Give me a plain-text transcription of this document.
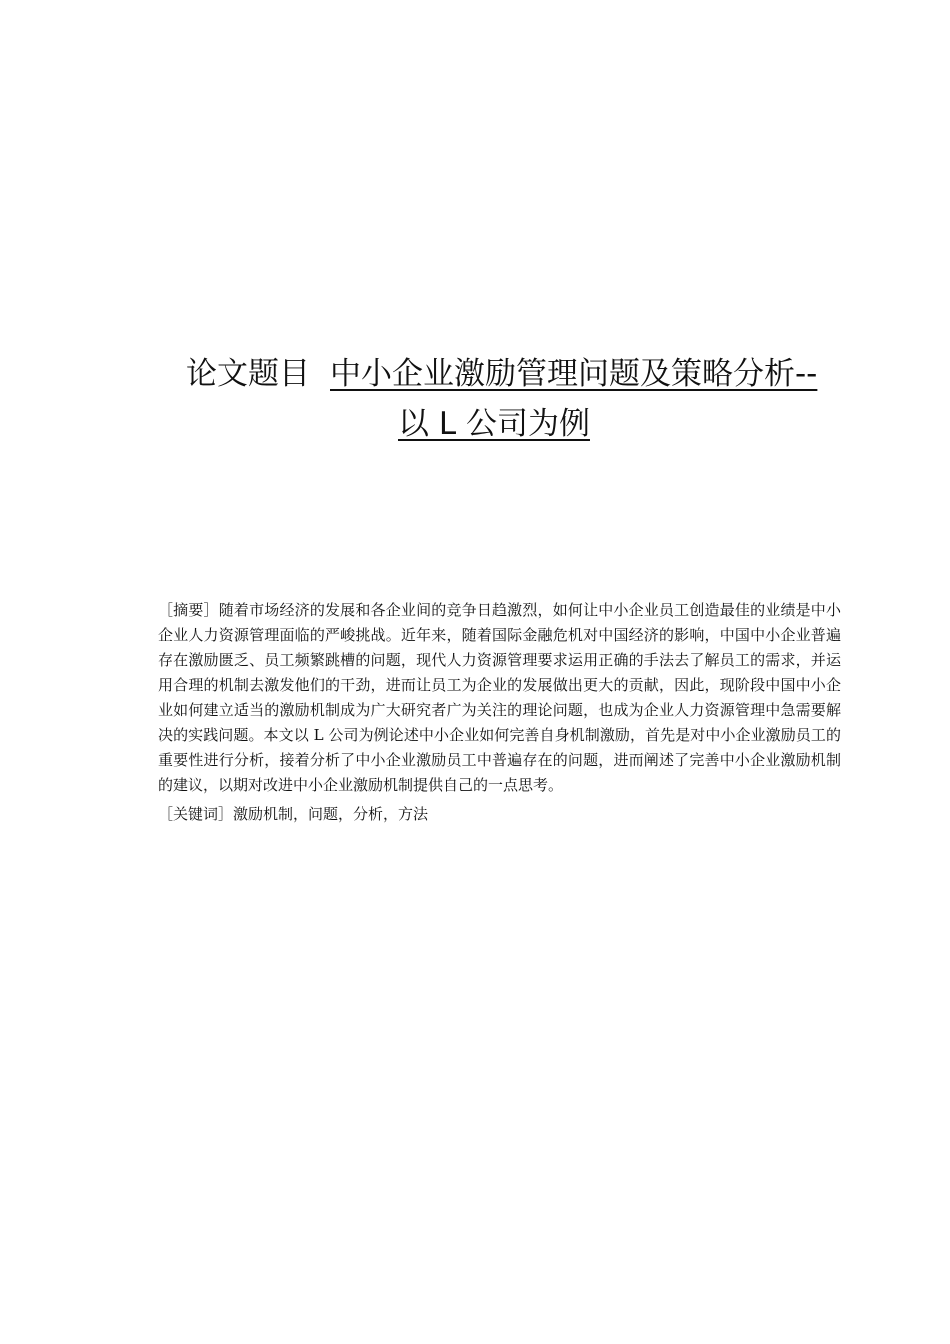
论文题目 中小企业激励管理问题及策略分析--
以 L 公司为例

［摘要］随着市场经济的发展和各企业间的竞争日趋激烈，如何让中小企业员工创造最佳的业绩是中小企业人力资源管理面临的严峻挑战。近年来，随着国际金融危机对中国经济的影响，中国中小企业普遍存在激励匮乏、员工频繁跳槽的问题，现代人力资源管理要求运用正确的手法去了解员工的需求，并运用合理的机制去激发他们的干劲，进而让员工为企业的发展做出更大的贡献，因此，现阶段中国中小企业如何建立适当的激励机制成为广大研究者广为关注的理论问题，也成为企业人力资源管理中急需要解决的实践问题。本文以 L 公司为例论述中小企业如何完善自身机制激励，首先是对中小企业激励员工的重要性进行分析，接着分析了中小企业激励员工中普遍存在的问题，进而阐述了完善中小企业激励机制的建议，以期对改进中小企业激励机制提供自己的一点思考。

［关键词］激励机制，问题，分析，方法
